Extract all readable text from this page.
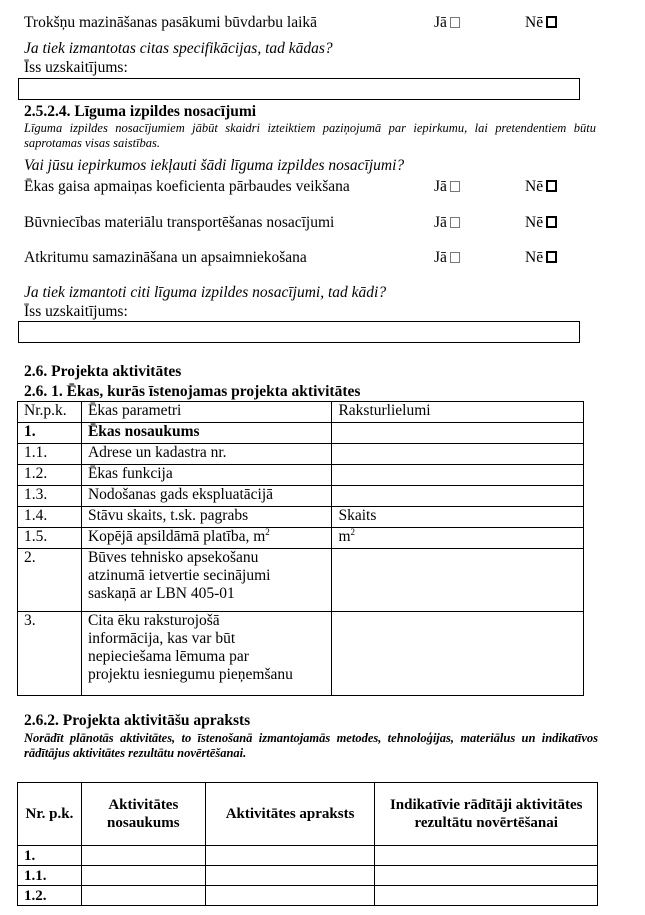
Trokšņu mazināšanas pasākumi būvdarbu laikā	Jā	Nē
Ja tiek izmantotas citas specifikācijas, tad kādas?
Īss uzskaitījums:
2.5.2.4. Līguma izpildes nosacījumi
Līguma izpildes nosacījumiem jābūt skaidri izteiktiem paziņojumā par iepirkumu, lai pretendentiem būtu saprotamas visas saistības.
Vai jūsu iepirkumos iekļauti šādi līguma izpildes nosacījumi?
Ēkas gaisa apmaiņas koeficienta pārbaudes veikšana	Jā	Nē
Būvniecības materiālu transportēšanas nosacījumi	Jā	Nē
Atkritumu samazināšana un apsaimniekošana	Jā	Nē
Ja tiek izmantoti citi līguma izpildes nosacījumi, tad kādi?
Īss uzskaitījums:
2.6. Projekta aktivitātes
2.6. 1. Ēkas, kurās īstenojamas projekta aktivitātes
Nr.p.k.	Ēkas parametri	Raksturlielumi
1.	Ēkas nosaukums	
1.1.	Adrese un kadastra nr.	
1.2.	Ēkas funkcija	
1.3.	Nodošanas gads ekspluatācijā	
1.4.	Stāvu skaits, t.sk. pagrabs	Skaits
1.5.	Kopējā apsildāmā platība, $m^2$	$m^2$
2.	Būves tehnisko apsekošanu
atzinumā ietvertie secinājumi
saskaņā ar LBN 405-01	

3.	Cita ēku raksturojošā
informācija, kas var būt
nepieciešama lēmuma par
projektu iesniegumu pieņemšanu	

2.6.2. Projekta aktivitāšu apraksts
Norādīt plānotās aktivitātes, to īstenošanā izmantojamās metodes, tehnoloģijas, materiālus un indikatīvos rādītājus aktivitātes rezultātu novērtēšanai.
Nr. p.k.	Aktivitātes nosaukums	Aktivitātes apraksts	Indikatīvie rādītāji aktivitātes rezultātu novērtēšanai
1.			
1.1.			
1.2.			
